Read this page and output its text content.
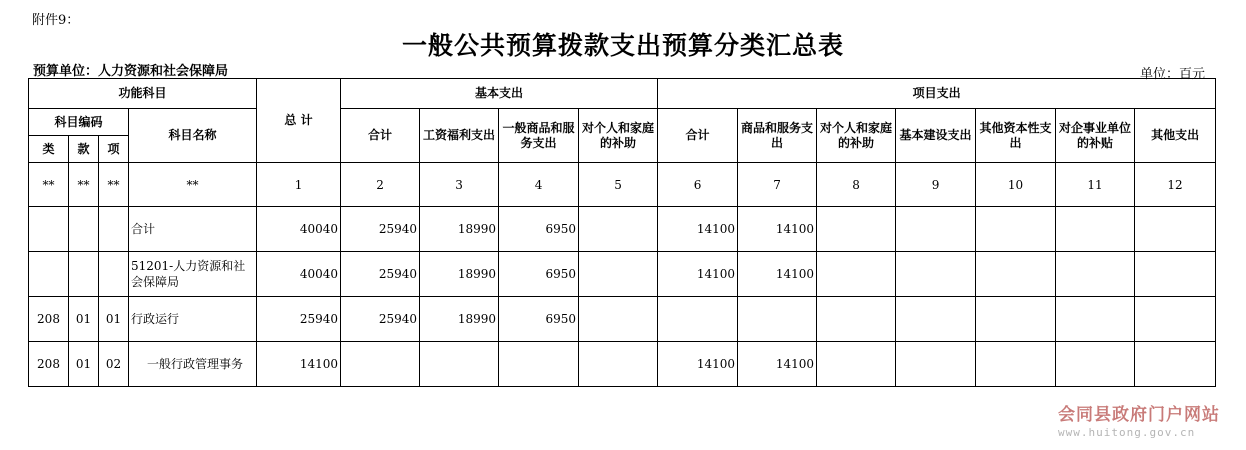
附件9：
一般公共预算拨款支出预算分类汇总表
预算单位：人力资源和社会保障局	单位：百元
功能科目				总 计	基本支出				项目支出						
科目编码			科目名称		合计	工资福利支出	一般商品和服务支出	对个人和家庭的补助	合计	商品和服务支出	对个人和家庭的补助	基本建设支出	其他资本性支出	对企事业单位的补贴	其他支出
类	款	项													
**	**	**	**	1	2	3	4	5	6	7	8	9	10	11	12
			合计	40040	25940	18990	6950		14100	14100					
			51201-人力资源和社会保障局	40040	25940	18990	6950		14100	14100					
208	01	01	行政运行	25940	25940	18990	6950								
208	01	02	一般行政管理事务	14100					14100	14100					
会同县政府门户网站
www.huitong.gov.cn
